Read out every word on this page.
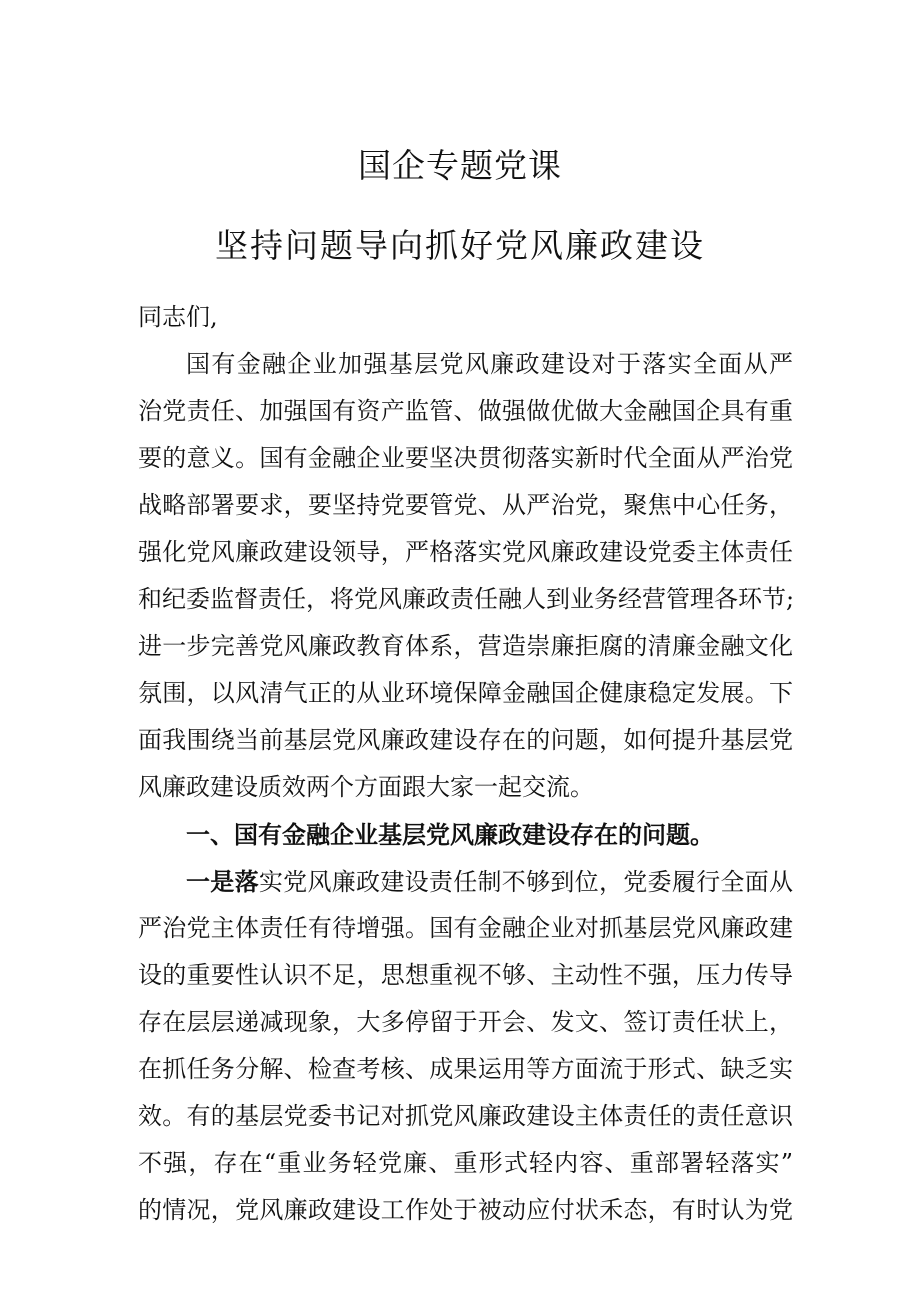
国企专题党课
坚持问题导向抓好党风廉政建设
同志们,
国有金融企业加强基层党风廉政建设对于落实全面从严
治党责任、加强国有资产监管、做强做优做大金融国企具有重
要的意义。国有金融企业要坚决贯彻落实新时代全面从严治党
战略部署要求，要坚持党要管党、从严治党，聚焦中心任务，
强化党风廉政建设领导，严格落实党风廉政建设党委主体责任
和纪委监督责任，将党风廉政责任融人到业务经营管理各环节;
进一步完善党风廉政教育体系，营造崇廉拒腐的清廉金融文化
氛围，以风清气正的从业环境保障金融国企健康稳定发展。下
面我围绕当前基层党风廉政建设存在的问题，如何提升基层党
风廉政建设质效两个方面跟大家一起交流。
一、国有金融企业基层党风廉政建设存在的问题。
一是落实党风廉政建设责任制不够到位，党委履行全面从
严治党主体责任有待增强。国有金融企业对抓基层党风廉政建
设的重要性认识不足，思想重视不够、主动性不强，压力传导
存在层层递减现象，大多停留于开会、发文、签订责任状上，
在抓任务分解、检查考核、成果运用等方面流于形式、缺乏实
效。有的基层党委书记对抓党风廉政建设主体责任的责任意识
不强，存在“重业务轻党廉、重形式轻内容、重部署轻落实”
的情况，党风廉政建设工作处于被动应付状禾态，有时认为党
